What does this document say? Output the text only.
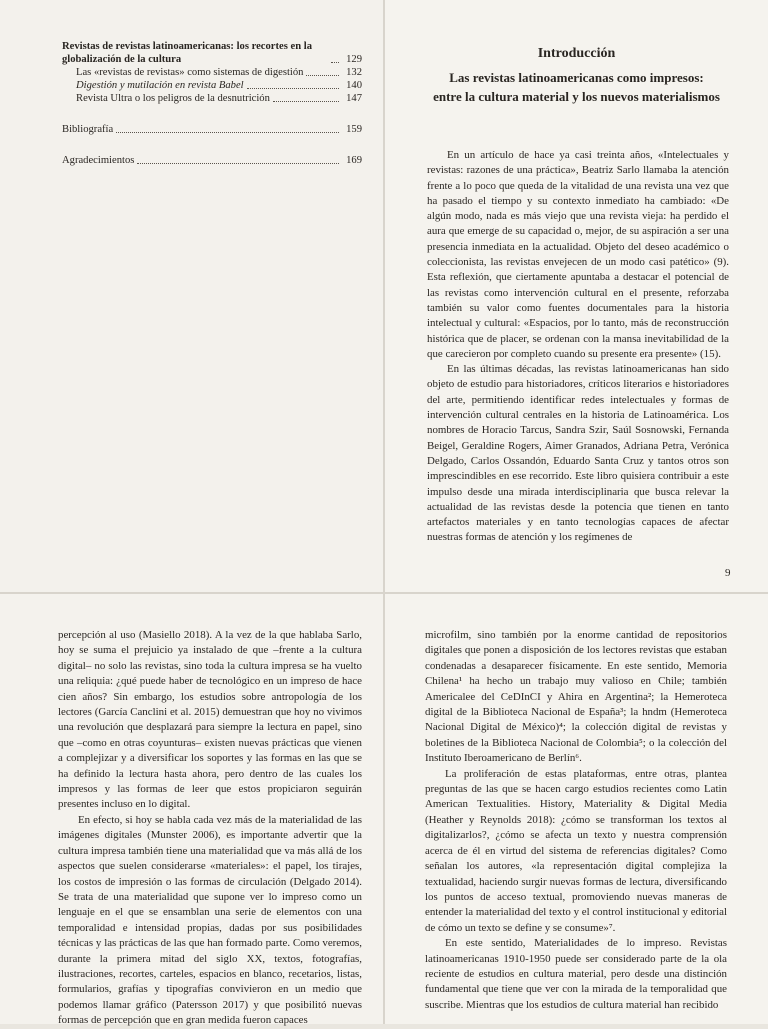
Revistas de revistas latinoamericanas: los recortes en la globalización de la cultura	129
Las «revistas de revistas» como sistemas de digestión	132
Digestión y mutilación en revista Babel	140
Revista Ultra o los peligros de la desnutrición	147
Bibliografía	159
Agradecimientos	169
Introducción
Las revistas latinoamericanas como impresos:
entre la cultura material y los nuevos materialismos

En un artículo de hace ya casi treinta años, «Intelectuales y revistas: razones de una práctica», Beatriz Sarlo llamaba la atención frente a lo poco que queda de la vitalidad de una revista una vez que ha pasado el tiempo y su contexto inmediato ha cambiado: «De algún modo, nada es más viejo que una revista vieja: ha perdido el aura que emerge de su capacidad o, mejor, de su aspiración a ser una presencia inmediata en la actualidad. Objeto del deseo académico o coleccionista, las revistas envejecen de un modo casi patético» (9). Esta reflexión, que ciertamente apuntaba a destacar el potencial de las revistas como intervención cultural en el presente, reforzaba también su valor como fuentes documentales para la historia intelectual y cultural: «Espacios, por lo tanto, más de reconstrucción histórica que de placer, se ordenan con la mansa inevitabilidad de la que carecieron por completo cuando su presente era presente» (15).

En las últimas décadas, las revistas latinoamericanas han sido objeto de estudio para historiadores, críticos literarios e historiadores del arte, permitiendo identificar redes intelectuales y formas de intervención cultural centrales en la historia de Latinoamérica. Los nombres de Horacio Tarcus, Sandra Szir, Saúl Sosnowski, Fernanda Beigel, Geraldine Rogers, Aimer Granados, Adriana Petra, Verónica Delgado, Carlos Ossandón, Eduardo Santa Cruz y tantos otros son imprescindibles en ese recorrido. Este libro quisiera contribuir a este impulso desde una mirada interdisciplinaria que busca relevar la actualidad de las revistas desde la potencia que tienen en tanto artefactos materiales y en tanto tecnologías capaces de afectar nuestras formas de atención y los regímenes de

9

percepción al uso (Masiello 2018). A la vez de la que hablaba Sarlo, hoy se suma el prejuicio ya instalado de que –frente a la cultura digital– no solo las revistas, sino toda la cultura impresa se ha vuelto una reliquia: ¿qué puede haber de tecnológico en un impreso de hace cien años? Sin embargo, los estudios sobre antropología de los lectores (García Canclini et al. 2015) demuestran que hoy no vivimos una revolución que desplazará para siempre la lectura en papel, sino que –como en otras coyunturas– existen nuevas prácticas que vienen a complejizar y a diversificar los soportes y las formas en las que se ha definido la lectura hasta ahora, pero dentro de las cuales los impresos y las formas de leer que estos propiciaron seguirán presentes incluso en lo digital.

En efecto, si hoy se habla cada vez más de la materialidad de las imágenes digitales (Munster 2006), es importante advertir que la cultura impresa también tiene una materialidad que va más allá de los aspectos que suelen considerarse «materiales»: el papel, los tirajes, los costos de impresión o las formas de circulación (Delgado 2014). Se trata de una materialidad que supone ver lo impreso como un lenguaje en el que se ensamblan una serie de elementos con una temporalidad e intensidad propias, dadas por sus posibilidades técnicas y las prácticas de las que han formado parte. Como veremos, durante la primera mitad del siglo XX, textos, fotografías, ilustraciones, recortes, carteles, espacios en blanco, recetarios, listas, formularios, grafías y tipografías convivieron en un medio que podemos llamar gráfico (Patersson 2017) y que posibilitó nuevas formas de percepción que en gran medida fueron capaces

microfilm, sino también por la enorme cantidad de repositorios digitales que ponen a disposición de los lectores revistas que estaban condenadas a desaparecer físicamente. En este sentido, Memoria Chilena¹ ha hecho un trabajo muy valioso en Chile; también Americalee del CeDInCI y Ahira en Argentina²; la Hemeroteca digital de la Biblioteca Nacional de España³; la hndm (Hemeroteca Nacional Digital de México)⁴; la colección digital de revistas y boletines de la Biblioteca Nacional de Colombia⁵; o la colección del Instituto Iberoamericano de Berlín⁶.

La proliferación de estas plataformas, entre otras, plantea preguntas de las que se hacen cargo estudios recientes como Latin American Textualities. History, Materiality & Digital Media (Heather y Reynolds 2018): ¿cómo se transforman los textos al digitalizarlos?, ¿cómo se afecta un texto y nuestra comprensión acerca de él en virtud del sistema de referencias digitales? Como señalan los autores, «la representación digital complejiza la textualidad, haciendo surgir nuevas formas de lectura, diversificando los puntos de acceso textual, promoviendo nuevas maneras de entender la materialidad del texto y el control institucional y editorial de cómo un texto se define y se consume»⁷.

En este sentido, Materialidades de lo impreso. Revistas latinoamericanas 1910-1950 puede ser considerado parte de la ola reciente de estudios en cultura material, pero desde una distinción fundamental que tiene que ver con la mirada de la temporalidad que suscribe. Mientras que los estudios de cultura material han recibido
